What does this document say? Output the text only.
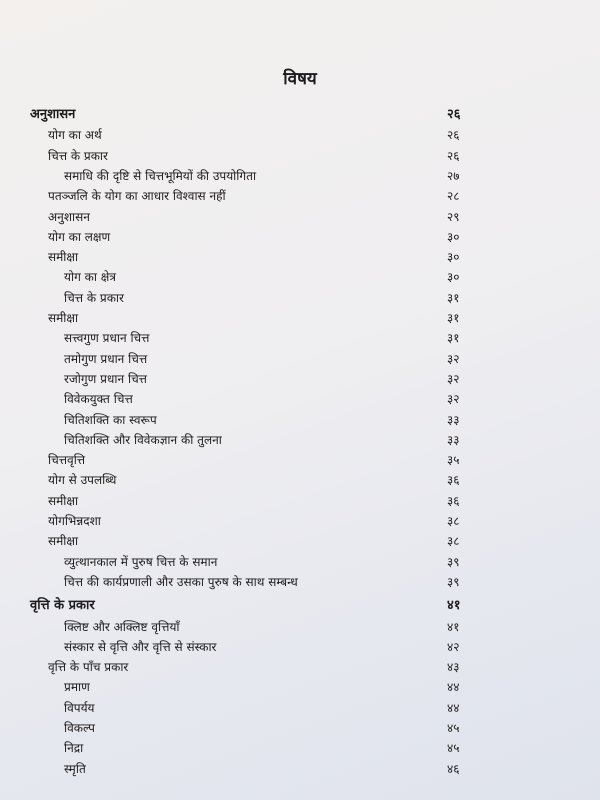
विषय
अनुशासन	२६
योग का अर्थ	२६
चित्त के प्रकार	२६
समाधि की दृष्टि से चित्तभूमियों की उपयोगिता	२७
पतञ्जलि के योग का आधार विश्वास नहीं	२८
अनुशासन	२९
योग का लक्षण	३०
समीक्षा	३०
योग का क्षेत्र	३०
चित्त के प्रकार	३१
समीक्षा	३१
सत्त्वगुण प्रधान चित्त	३१
तमोगुण प्रधान चित्त	३२
रजोगुण प्रधान चित्त	३२
विवेकयुक्त चित्त	३२
चितिशक्ति का स्वरूप	३३
चितिशक्ति और विवेकज्ञान की तुलना	३३
चित्तवृत्ति	३५
योग से उपलब्धि	३६
समीक्षा	३६
योगभिन्नदशा	३८
समीक्षा	३८
व्युत्थानकाल में पुरुष चित्त के समान	३९
चित्त की कार्यप्रणाली और उसका पुरुष के साथ सम्बन्ध	३९
वृत्ति के प्रकार	४१
क्लिष्ट और अक्लिष्ट वृत्तियाँ	४१
संस्कार से वृत्ति और वृत्ति से संस्कार	४२
वृत्ति के पाँच प्रकार	४३
प्रमाण	४४
विपर्यय	४४
विकल्प	४५
निद्रा	४५
स्मृति	४६
